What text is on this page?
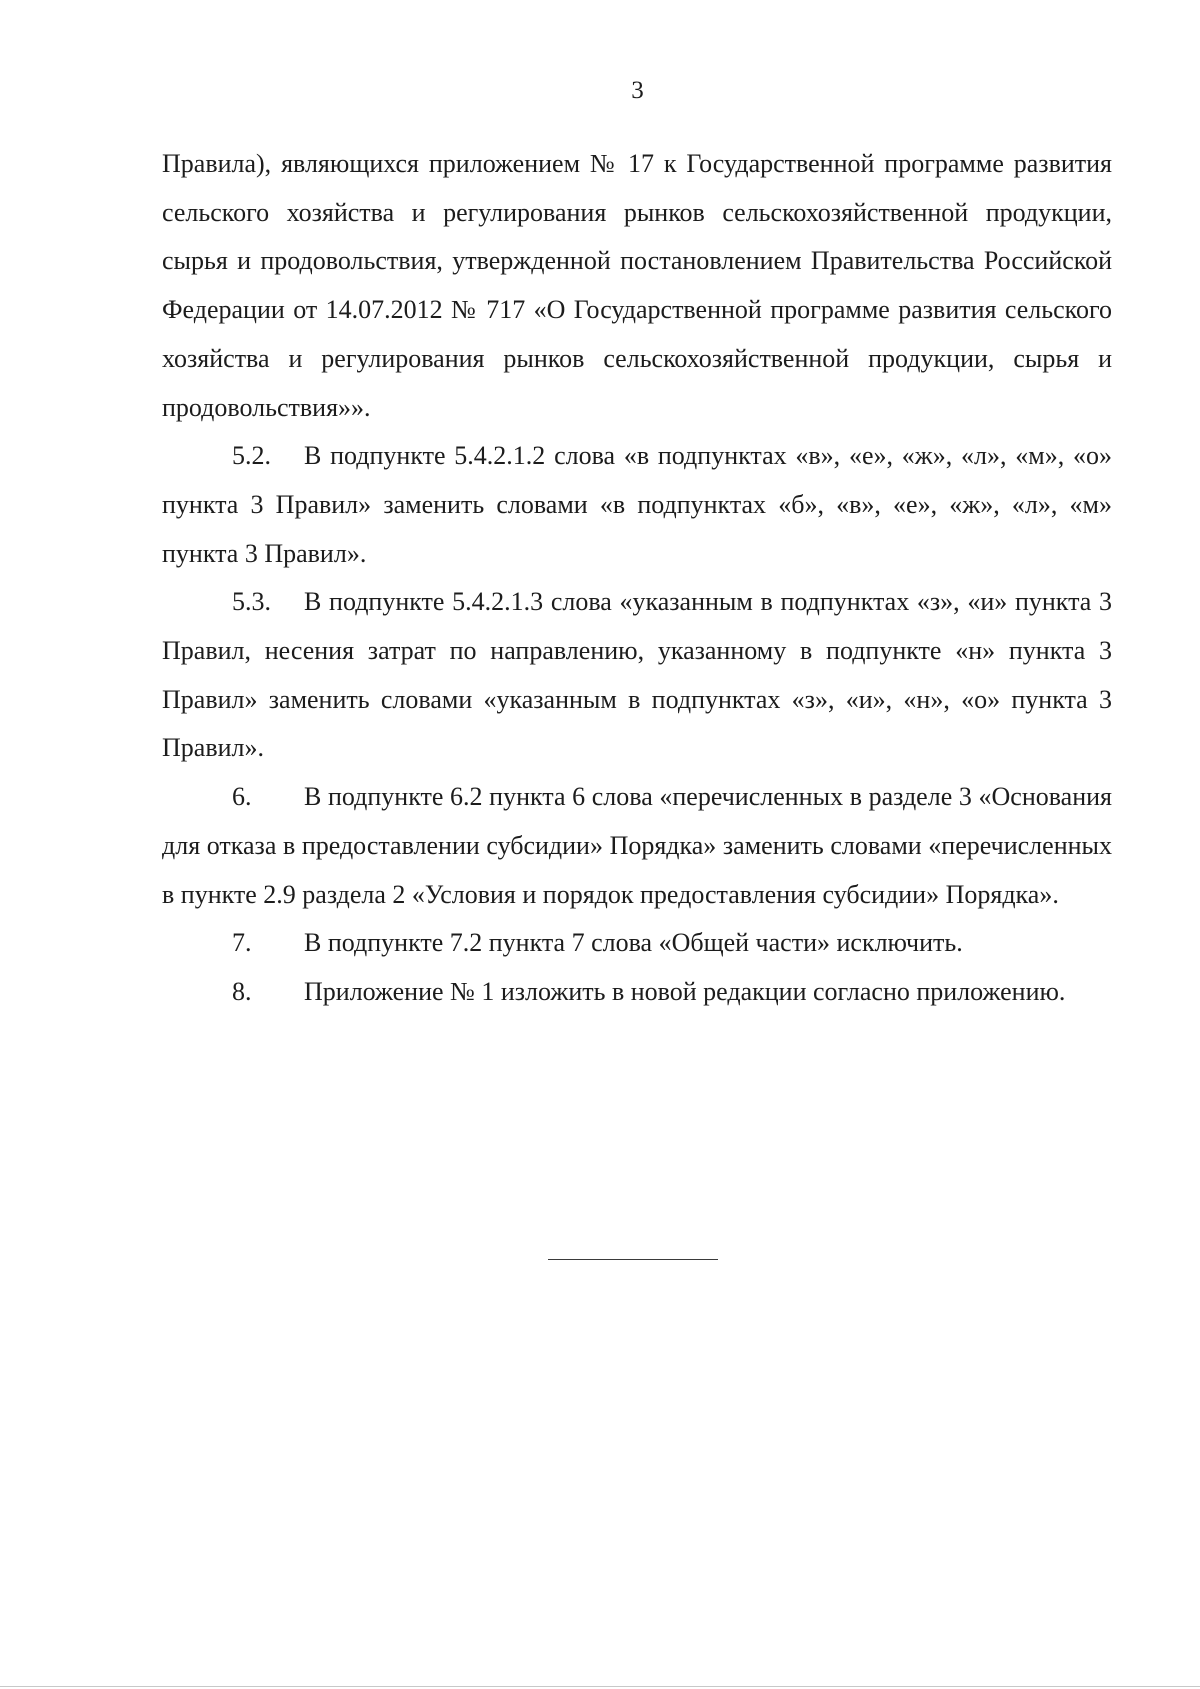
3

Правила), являющихся приложением № 17 к Государственной программе развития сельского хозяйства и регулирования рынков сельскохозяйственной продукции, сырья и продовольствия, утвержденной постановлением Правительства Российской Федерации от 14.07.2012 № 717 «О Государственной программе развития сельского хозяйства и регулирования рынков сельскохозяйственной продукции, сырья и продовольствия»».

5.2. В подпункте 5.4.2.1.2 слова «в подпунктах «в», «е», «ж», «л», «м», «о» пункта 3 Правил» заменить словами «в подпунктах «б», «в», «е», «ж», «л», «м» пункта 3 Правил».

5.3. В подпункте 5.4.2.1.3 слова «указанным в подпунктах «з», «и» пункта 3 Правил, несения затрат по направлению, указанному в подпункте «н» пункта 3 Правил» заменить словами «указанным в подпунктах «з», «и», «н», «о» пункта 3 Правил».

6. В подпункте 6.2 пункта 6 слова «перечисленных в разделе 3 «Основания для отказа в предоставлении субсидии» Порядка» заменить словами «перечисленных в пункте 2.9 раздела 2 «Условия и порядок предоставления субсидии» Порядка».

7. В подпункте 7.2 пункта 7 слова «Общей части» исключить.

8. Приложение № 1 изложить в новой редакции согласно приложению.
